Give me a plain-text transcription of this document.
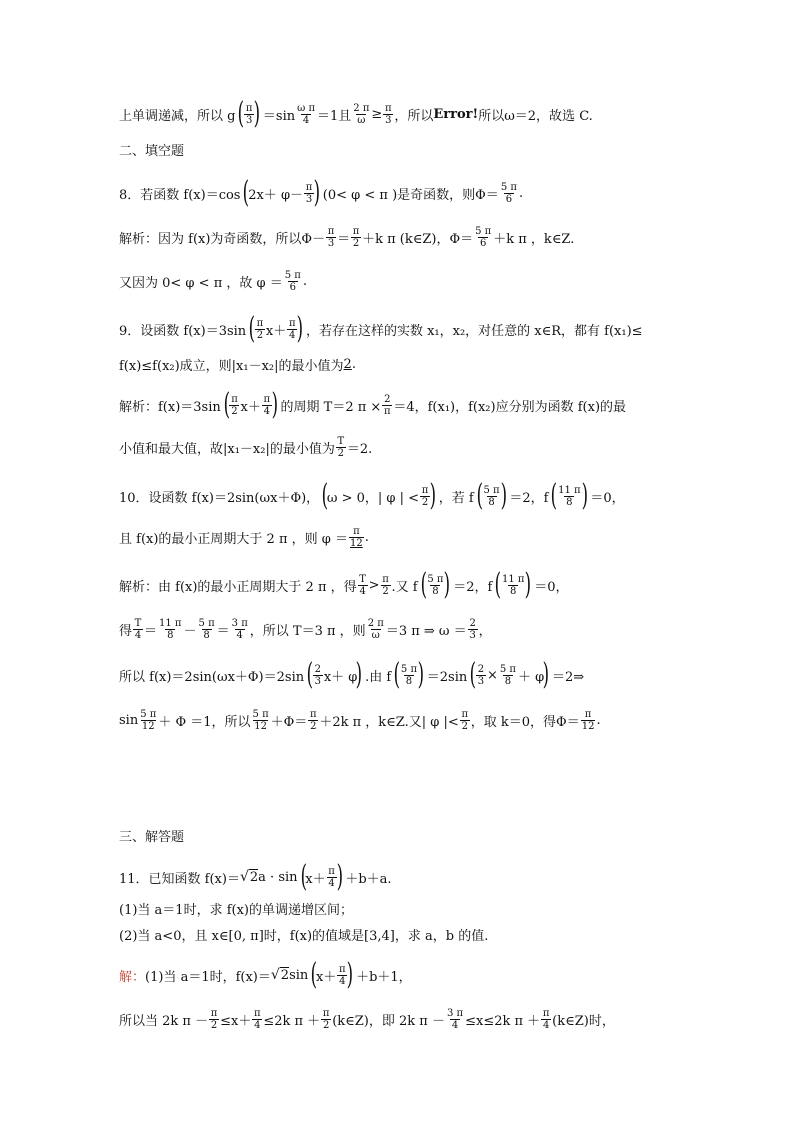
上单调递减，所以 g ( $\frac{\pi}{3}$ ) $=\sin \frac{\text{ω π}}{4} =1$且 $\frac{2 \pi}{\omega} \ge \frac{\pi}{3}$ ，所以 Error! 所以ω＝2，故选 C.
二、填空题
8．若函数 f(x)＝cos (
$2x+ \varphi- \frac{\pi}{3}$ ) (0< φ < π )是奇函数，则$\Phi= \frac{5 \pi}{6}$ .
解析：因为 f(x)为奇函数，所以$\Phi- \frac{\pi}{3} = \frac{\pi}{2} +k$ π (k∈Z)，$\Phi= \frac{5 \pi}{6} +k$ π ，k∈Z.
又因为 0< φ < π ，故 $\varphi = \frac{5 \pi}{6}$ .
9．设函数 f(x)＝3sin ( $\frac{\pi}{2} x+ \frac{\pi}{4}$ ) ，若存在这样的实数 x₁，x₂，对任意的 x∈R，都有 f(x₁)≤
f(x)≤f(x₂)成立，则|x₁－x₂|的最小值为 2 .
解析：f(x)＝3sin ( $\frac{\pi}{2} x+ \frac{\pi}{4}$ ) 的周期 T＝2 $\pi \times \frac{2}{\pi} =4$，f(x₁)，f(x₂)应分别为函数 f(x)的最
小值和最大值，故|x₁－x₂|的最小值为 $\frac{T}{2} =2$.
10．设函数 f(x)＝2sin(ωx＋Φ)， (
ω > 0，| φ | < $\frac{\pi}{2}$ ) ，若 f ( $\frac{5 \pi}{8}$ ) ＝2，f ( $\frac{11 \pi}{8}$ ) ＝0，
且 f(x)的最小正周期大于 2 π ，则 $\varphi = \frac{\pi}{12}$ .
解析：由 f(x)的最小正周期大于 2 π ，得 $\frac{T}{4} > \frac{\pi}{2}$ .又 f ( $\frac{5 \pi}{8}$ ) ＝2，f ( $\frac{11 \pi}{8}$ ) ＝0，
得 $\frac{T}{4} = \frac{11 \pi}{8} - \frac{5 \pi}{8} = \frac{3 \pi}{4}$ ，所以 T＝3 π ，则 $\frac{2 \pi}{\omega} =3$ π ⇒ $\omega = \frac{2}{3}$ ，
所以 f(x)＝2sin(ωx＋Φ)＝2sin ( $\frac{2}{3} x+ \varphi$
) .由 f ( $\frac{5 \pi}{8}$ ) ＝2sin ( $\frac{2}{3} \times \frac{5 \pi}{8} + \varphi$
) ＝2⇒
$\sin \frac{5 \pi}{12} + \Phi =1$，所以 $\frac{5 \pi}{12} +\Phi= \frac{\pi}{2} +2k$ π ，k∈Z.又| φ |< $\frac{\pi}{2}$ ，取 k＝0，得$\Phi= \frac{\pi}{12}$ .
三、解答题
11．已知函数 f(x)＝ √ 2 a · sin (
$x+ \frac{\pi}{4}$ ) ＋b＋a.
(1)当 a＝1时，求 f(x)的单调递增区间；
(2)当 a<0，且 x∈[0, π]时，f(x)的值域是[3,4]，求 a，b 的值.
解： (1)当 a＝1时，f(x)＝ √ 2 sin (
$x+ \frac{\pi}{4}$ ) ＋b＋1，
所以当 2k $\pi - \frac{\pi}{2} \le x+ \frac{\pi}{4} \le 2k$ $\pi + \frac{\pi}{2}$ (k∈Z)，即 2k $\pi - \frac{3 \pi}{4} \le x\le 2k$ $\pi + \frac{\pi}{4}$ (k∈Z)时，
